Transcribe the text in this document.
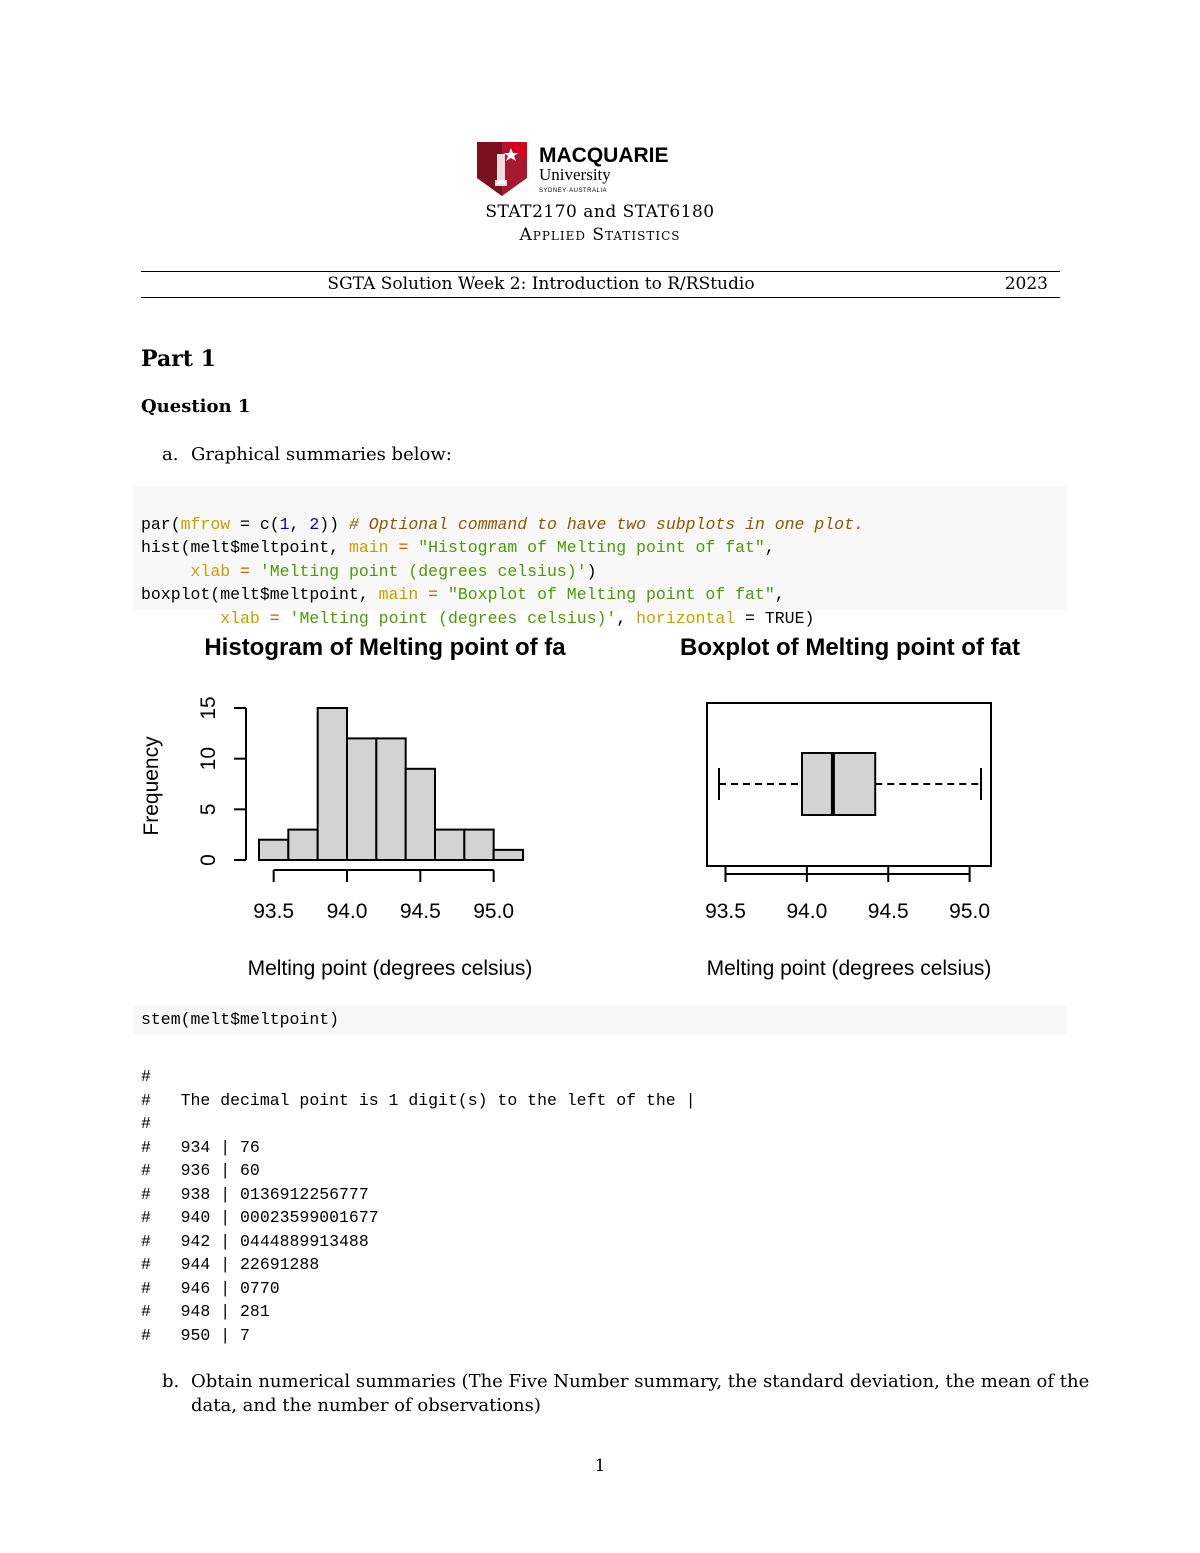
MACQUARIE
University
SYDNEY·AUSTRALIA
STAT2170 and STAT6180
Applied Statistics
SGTA Solution Week 2: Introduction to R/RStudio	2023
Part 1
Question 1
a. Graphical summaries below:

par(mfrow = c(1, 2)) # Optional command to have two subplots in one plot.
hist(melt$meltpoint, main = "Histogram of Melting point of fat",
xlab = 'Melting point (degrees celsius)')
boxplot(melt$meltpoint, main = "Boxplot of Melting point of fat",
xlab = 'Melting point (degrees celsius)', horizontal = TRUE)

Histogram of Melting point of fa
93.5 94.0 94.5 95.0
0
5
10
15
Melting point (degrees celsius)
Frequency
Boxplot of Melting point of fat
93.5 94.0 94.5 95.0
Melting point (degrees celsius)
stem(melt$meltpoint)
#
#   The decimal point is 1 digit(s) to the left of the |
#
#   934 | 76
#   936 | 60
#   938 | 0136912256777
#   940 | 00023599001677
#   942 | 0444889913488
#   944 | 22691288
#   946 | 0770
#   948 | 281
#   950 | 7
b. Obtain numerical summaries (The Five Number summary, the standard deviation, the mean of the
data, and the number of observations)
1
